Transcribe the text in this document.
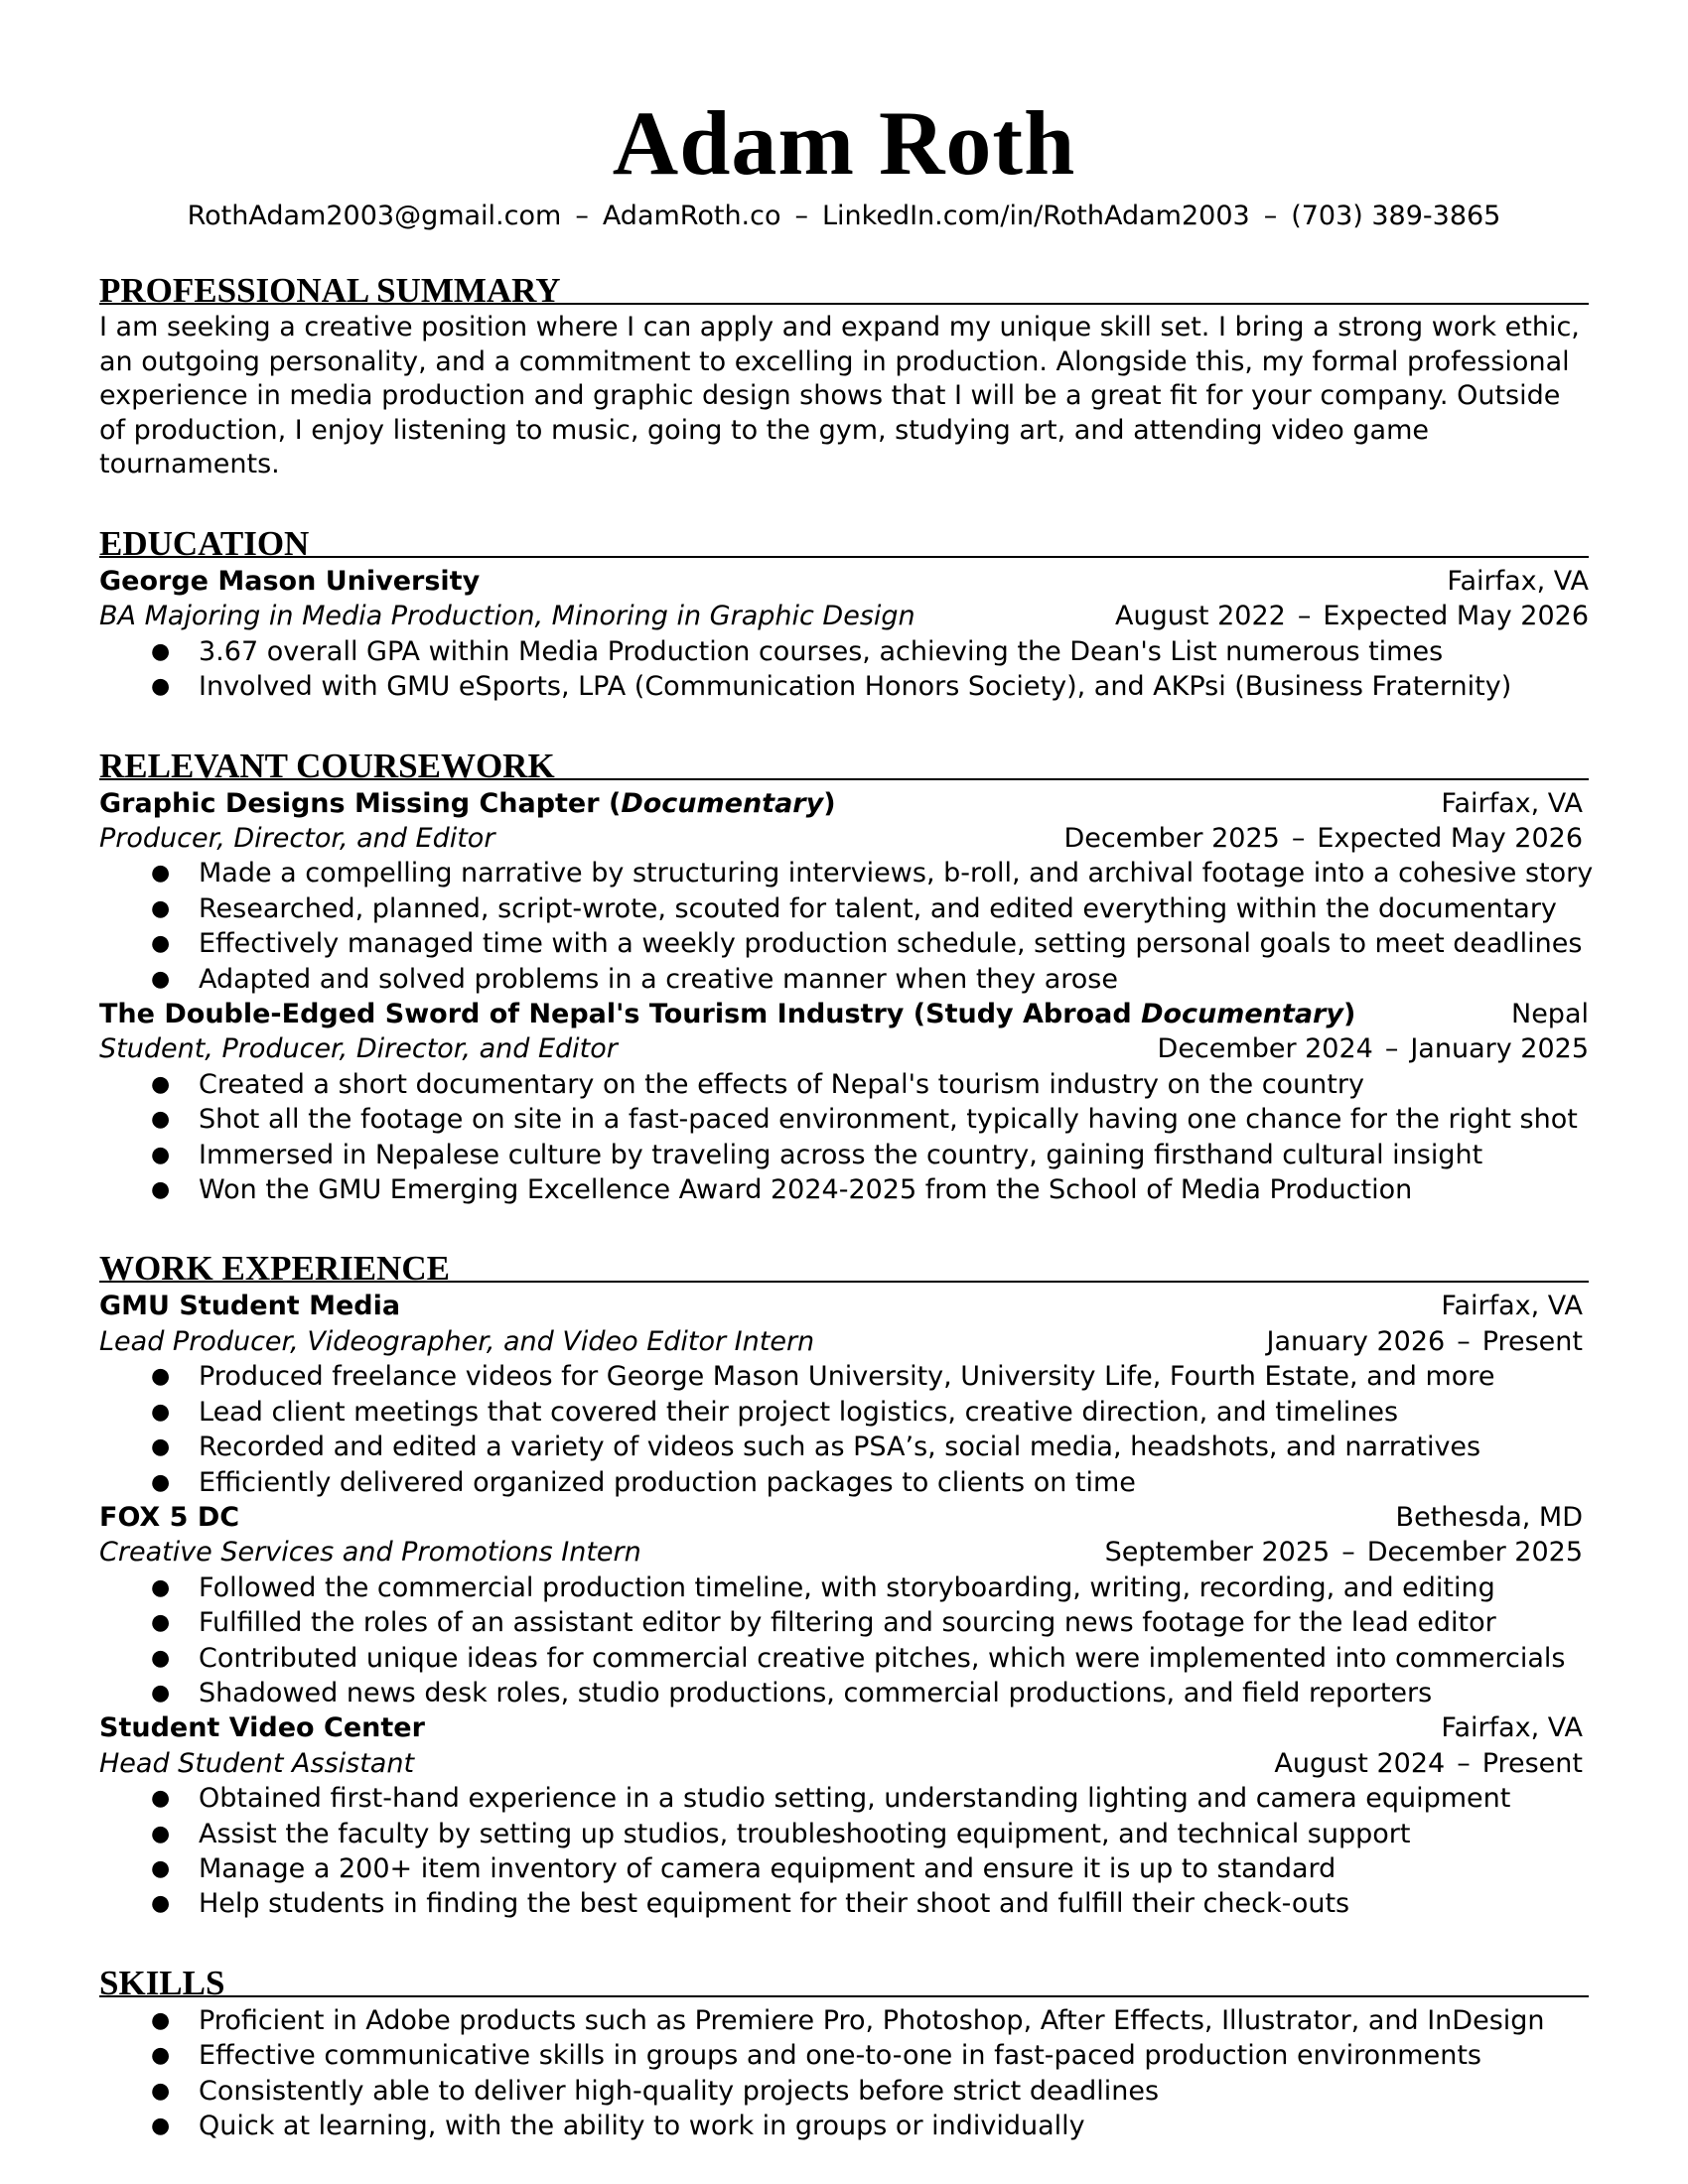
Adam Roth
RothAdam2003@gmail.com – AdamRoth.co – LinkedIn.com/in/RothAdam2003 – (703) 389-3865
PROFESSIONAL SUMMARY
I am seeking a creative position where I can apply and expand my unique skill set. I bring a strong work ethic, an outgoing personality, and a commitment to excelling in production. Alongside this, my formal professional experience in media production and graphic design shows that I will be a great fit for your company. Outside of production, I enjoy listening to music, going to the gym, studying art, and attending video game tournaments.
EDUCATION
George Mason University	Fairfax, VA
BA Majoring in Media Production, Minoring in Graphic Design	August 2022 – Expected May 2026
● 3.67 overall GPA within Media Production courses, achieving the Dean's List numerous times
● Involved with GMU eSports, LPA (Communication Honors Society), and AKPsi (Business Fraternity)
RELEVANT COURSEWORK
Graphic Designs Missing Chapter (Documentary)	Fairfax, VA
Producer, Director, and Editor	December 2025 – Expected May 2026
● Made a compelling narrative by structuring interviews, b-roll, and archival footage into a cohesive story
● Researched, planned, script-wrote, scouted for talent, and edited everything within the documentary
● Effectively managed time with a weekly production schedule, setting personal goals to meet deadlines
● Adapted and solved problems in a creative manner when they arose
The Double-Edged Sword of Nepal's Tourism Industry (Study Abroad Documentary)	Nepal
Student, Producer, Director, and Editor	December 2024 – January 2025
● Created a short documentary on the effects of Nepal's tourism industry on the country
● Shot all the footage on site in a fast-paced environment, typically having one chance for the right shot
● Immersed in Nepalese culture by traveling across the country, gaining firsthand cultural insight
● Won the GMU Emerging Excellence Award 2024-2025 from the School of Media Production
WORK EXPERIENCE
GMU Student Media	Fairfax, VA
Lead Producer, Videographer, and Video Editor Intern	January 2026 – Present
● Produced freelance videos for George Mason University, University Life, Fourth Estate, and more
● Lead client meetings that covered their project logistics, creative direction, and timelines
● Recorded and edited a variety of videos such as PSA’s, social media, headshots, and narratives
● Efficiently delivered organized production packages to clients on time
FOX 5 DC	Bethesda, MD
Creative Services and Promotions Intern	September 2025 – December 2025
● Followed the commercial production timeline, with storyboarding, writing, recording, and editing
● Fulfilled the roles of an assistant editor by filtering and sourcing news footage for the lead editor
● Contributed unique ideas for commercial creative pitches, which were implemented into commercials
● Shadowed news desk roles, studio productions, commercial productions, and field reporters
Student Video Center	Fairfax, VA
Head Student Assistant	August 2024 – Present
● Obtained first-hand experience in a studio setting, understanding lighting and camera equipment
● Assist the faculty by setting up studios, troubleshooting equipment, and technical support
● Manage a 200+ item inventory of camera equipment and ensure it is up to standard
● Help students in finding the best equipment for their shoot and fulfill their check-outs
SKILLS
● Proficient in Adobe products such as Premiere Pro, Photoshop, After Effects, Illustrator, and InDesign
● Effective communicative skills in groups and one-to-one in fast-paced production environments
● Consistently able to deliver high-quality projects before strict deadlines
● Quick at learning, with the ability to work in groups or individually
